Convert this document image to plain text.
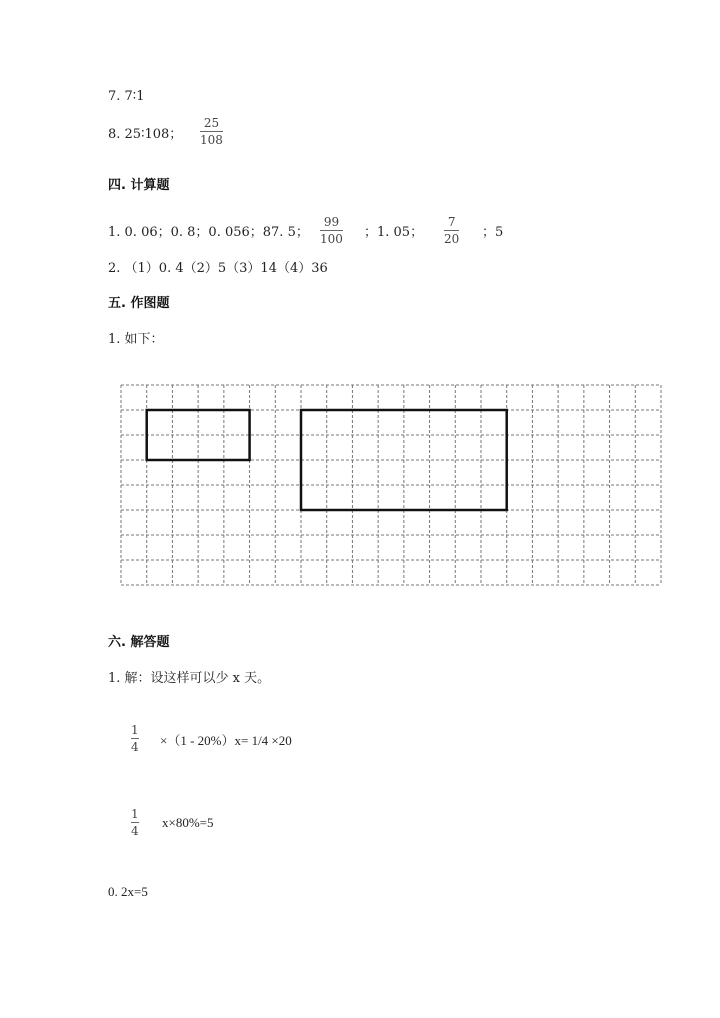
7. 7∶1
8. 25∶108；
25
108
四. 计算题
1. 0. 06；0. 8；0. 056；87. 5；
99
100 ；1. 05；
7
20 ；5
2. （1）0. 4（2）5（3）14（4）36
五. 作图题
1. 如下：
六. 解答题
1. 解：设这样可以少 x 天。
1
4 ×（1 - 20%）x= 1/4 ×20
1
4
x×80%=5
0. 2x=5
